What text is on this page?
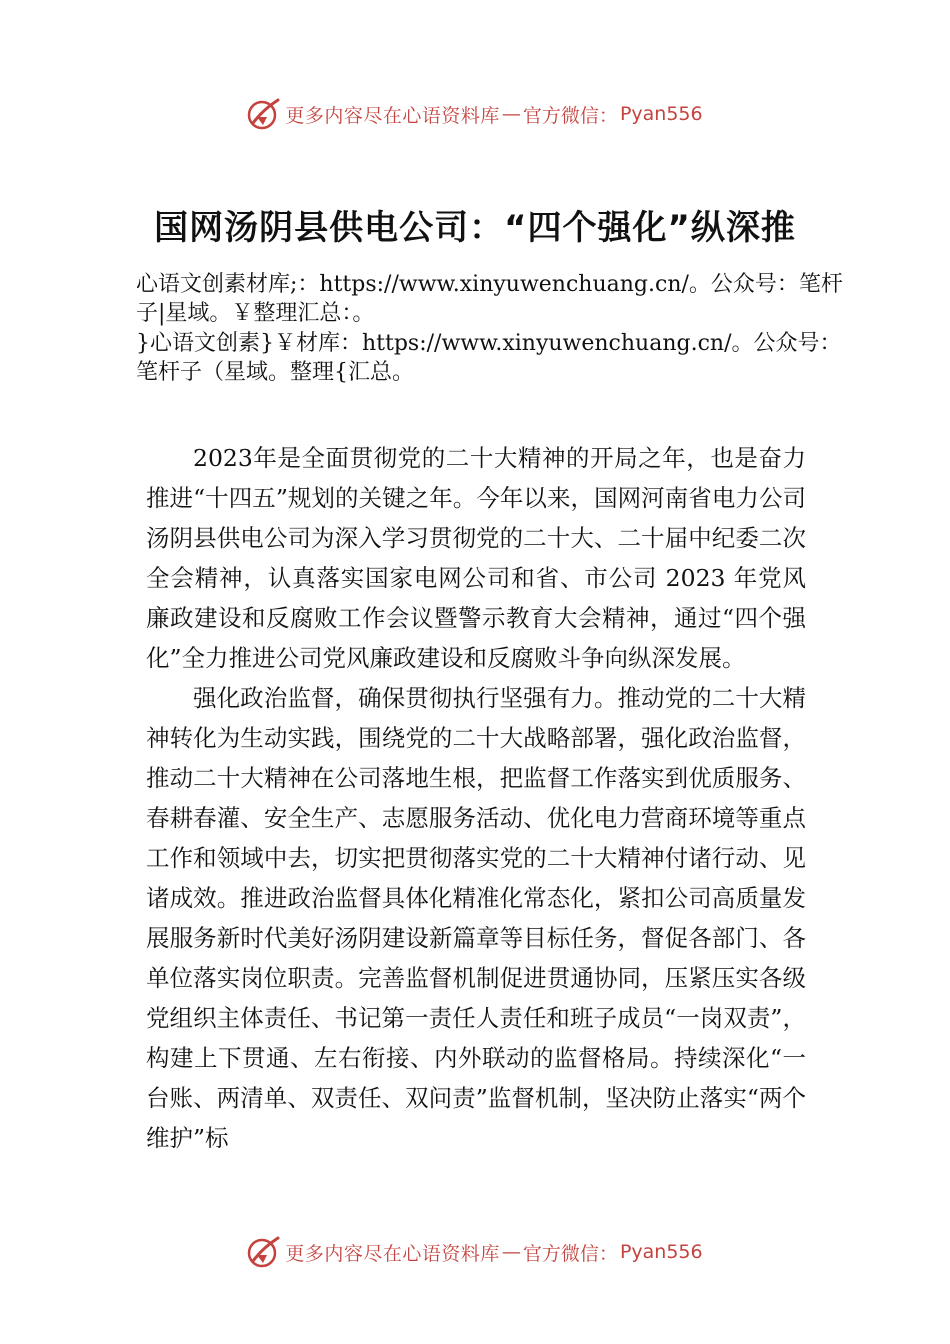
更多内容尽在心语资料库 — 官方微信： Pyan556
国网汤阴县供电公司：“四个强化”纵深推
心语文创素材库;：https://www.xinyuwenchuang.cn/。公众号：笔杆子|星域。￥整理汇总：。
}心语文创素}￥材库：https://www.xinyuwenchuang.cn/。公众号：笔杆子（星域。整理{汇总。

2023年是全面贯彻党的二十大精神的开局之年，也是奋力推进“十四五”规划的关键之年。今年以来，国网河南省电力公司汤阴县供电公司为深入学习贯彻党的二十大、二十届中纪委二次全会精神，认真落实国家电网公司和省、市公司 2023 年党风廉政建设和反腐败工作会议暨警示教育大会精神，通过“四个强化”全力推进公司党风廉政建设和反腐败斗争向纵深发展。

强化政治监督，确保贯彻执行坚强有力。推动党的二十大精神转化为生动实践，围绕党的二十大战略部署，强化政治监督，推动二十大精神在公司落地生根，把监督工作落实到优质服务、春耕春灌、安全生产、志愿服务活动、优化电力营商环境等重点工作和领域中去，切实把贯彻落实党的二十大精神付诸行动、见诸成效。推进政治监督具体化精准化常态化，紧扣公司高质量发展服务新时代美好汤阴建设新篇章等目标任务，督促各部门、各单位落实岗位职责。完善监督机制促进贯通协同，压紧压实各级党组织主体责任、书记第一责任人责任和班子成员“一岗双责”，构建上下贯通、左右衔接、内外联动的监督格局。持续深化“一台账、两清单、双责任、双问责”监督机制，坚决防止落实“两个维护”标

更多内容尽在心语资料库 — 官方微信： Pyan556
